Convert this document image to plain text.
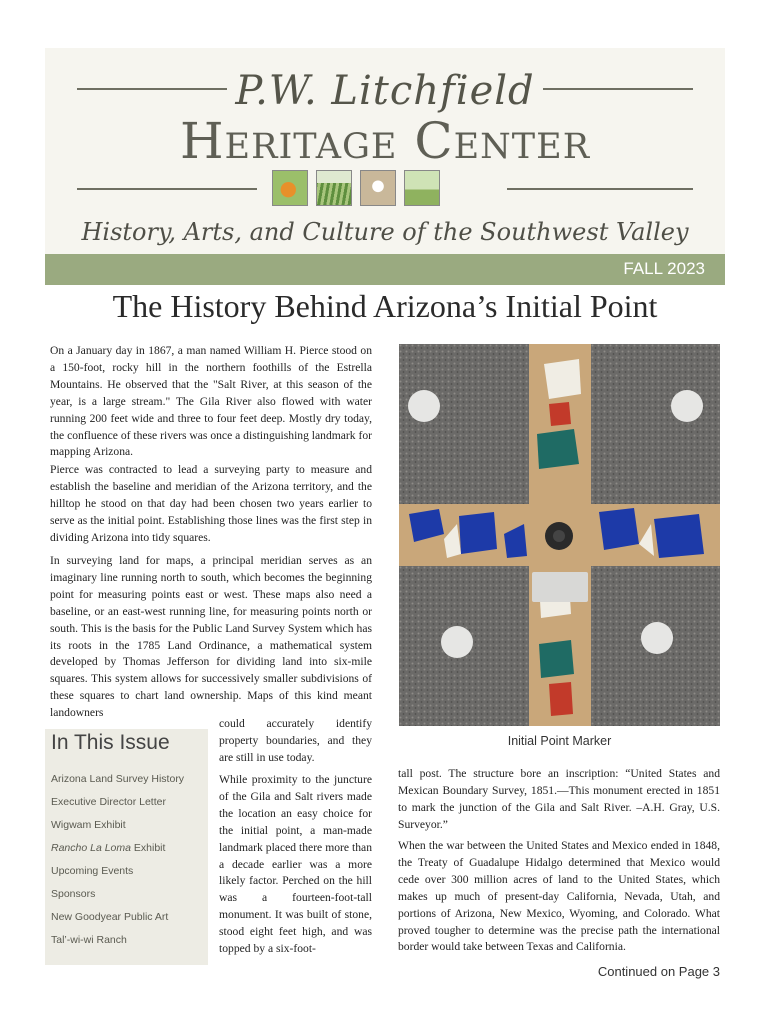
P.W. Litchfield
Heritage Center
History, Arts, and Culture of the Southwest Valley
FALL 2023
The History Behind Arizona’s Initial Point

On a January day in 1867, a man named William H. Pierce stood on a 150-foot, rocky hill in the northern foothills of the Estrella Mountains. He observed that the "Salt River, at this season of the year, is a large stream." The Gila River also flowed with water running 200 feet wide and three to four feet deep. Mostly dry today, the confluence of these rivers was once a distinguishing landmark for mapping Arizona.

Pierce was contracted to lead a surveying party to measure and establish the baseline and meridian of the Arizona territory, and the hilltop he stood on that day had been chosen two years earlier to serve as the initial point. Establishing those lines was the first step in dividing Arizona into tidy squares.

In surveying land for maps, a principal meridian serves as an imaginary line running north to south, which becomes the beginning point for measuring points east or west. These maps also need a baseline, or an east-west running line, for measuring points north or south. This is the basis for the Public Land Survey System which has its roots in the 1785 Land Ordinance, a mathematical system developed by Thomas Jefferson for dividing land into six-mile squares. This system allows for successively smaller subdivisions of these squares to chart land ownership. Maps of this kind meant landowners

could accurately identify property boundaries, and they are still in use today.

While proximity to the juncture of the Gila and Salt rivers made the location an easy choice for the initial point, a man-made landmark placed there more than a decade earlier was a more likely factor. Perched on the hill was a fourteen-foot-tall monument. It was built of stone, stood eight feet high, and was topped by a six-foot-

tall post. The structure bore an inscription: “United States and Mexican Boundary Survey, 1851.—This monument erected in 1851 to mark the junction of the Gila and Salt River. –A.H. Gray, U.S. Surveyor.”

When the war between the United States and Mexico ended in 1848, the Treaty of Guadalupe Hidalgo determined that Mexico would cede over 300 million acres of land to the United States, which makes up much of present-day California, Nevada, Utah, and portions of Arizona, New Mexico, Wyoming, and Colorado. What proved tougher to determine was the precise path the international border would take between Texas and California.

Initial Point Marker
In This Issue
Arizona Land Survey History
Executive Director Letter
Wigwam Exhibit
Rancho La Loma Exhibit
Upcoming Events
Sponsors
New Goodyear Public Art
Tal’-wi-wi Ranch
Continued on Page 3
